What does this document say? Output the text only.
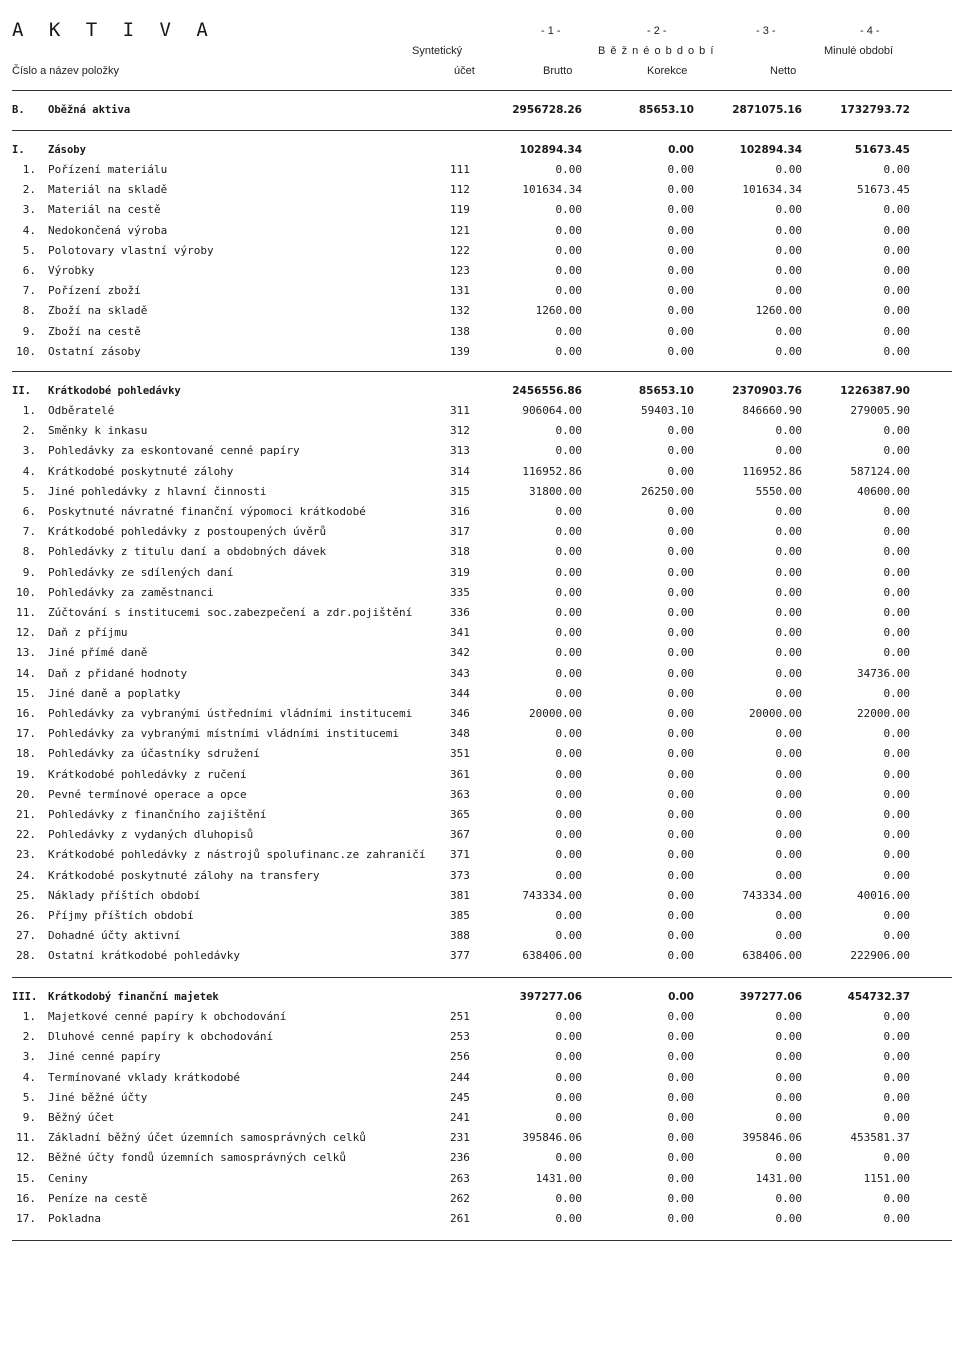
A K T I V A	- 1 -	- 2 -	- 3 -	- 4 -
Syntetický	B ě ž n é o b d o b í	Minulé období
Číslo a název položky	účet	Brutto	Korekce	Netto
B. Oběžná aktiva	2956728.26	85653.10	2871075.16	1732793.72
I. Zásoby	102894.34	0.00	102894.34	51673.45
1. Pořízení materiálu	111	0.00	0.00	0.00	0.00
2. Materiál na skladě	112	101634.34	0.00	101634.34	51673.45
3. Materiál na cestě	119	0.00	0.00	0.00	0.00
4. Nedokončená výroba	121	0.00	0.00	0.00	0.00
5. Polotovary vlastní výroby	122	0.00	0.00	0.00	0.00
6. Výrobky	123	0.00	0.00	0.00	0.00
7. Pořízení zboží	131	0.00	0.00	0.00	0.00
8. Zboží na skladě	132	1260.00	0.00	1260.00	0.00
9. Zboží na cestě	138	0.00	0.00	0.00	0.00
10. Ostatní zásoby	139	0.00	0.00	0.00	0.00
II. Krátkodobé pohledávky	2456556.86	85653.10	2370903.76	1226387.90
1. Odběratelé	311	906064.00	59403.10	846660.90	279005.90
2. Směnky k inkasu	312	0.00	0.00	0.00	0.00
3. Pohledávky za eskontované cenné papíry	313	0.00	0.00	0.00	0.00
4. Krátkodobé poskytnuté zálohy	314	116952.86	0.00	116952.86	587124.00
5. Jiné pohledávky z hlavní činnosti	315	31800.00	26250.00	5550.00	40600.00
6. Poskytnuté návratné finanční výpomoci krátkodobé	316	0.00	0.00	0.00	0.00
7. Krátkodobé pohledávky z postoupených úvěrů	317	0.00	0.00	0.00	0.00
8. Pohledávky z titulu daní a obdobných dávek	318	0.00	0.00	0.00	0.00
9. Pohledávky ze sdílených daní	319	0.00	0.00	0.00	0.00
10. Pohledávky za zaměstnanci	335	0.00	0.00	0.00	0.00
11. Zúčtování s institucemi soc.zabezpečení a zdr.pojištění	336	0.00	0.00	0.00	0.00
12. Daň z příjmu	341	0.00	0.00	0.00	0.00
13. Jiné přímé daně	342	0.00	0.00	0.00	0.00
14. Daň z přidané hodnoty	343	0.00	0.00	0.00	34736.00
15. Jiné daně a poplatky	344	0.00	0.00	0.00	0.00
16. Pohledávky za vybranými ústředními vládními institucemi	346	20000.00	0.00	20000.00	22000.00
17. Pohledávky za vybranými místními vládními institucemi	348	0.00	0.00	0.00	0.00
18. Pohledávky za účastníky sdružení	351	0.00	0.00	0.00	0.00
19. Krátkodobé pohledávky z ručení	361	0.00	0.00	0.00	0.00
20. Pevné termínové operace a opce	363	0.00	0.00	0.00	0.00
21. Pohledávky z finančního zajištění	365	0.00	0.00	0.00	0.00
22. Pohledávky z vydaných dluhopisů	367	0.00	0.00	0.00	0.00
23. Krátkodobé pohledávky z nástrojů spolufinanc.ze zahraničí 371	0.00	0.00	0.00	0.00
24. Krátkodobé poskytnuté zálohy na transfery	373	0.00	0.00	0.00	0.00
25. Náklady příštích období	381	743334.00	0.00	743334.00	40016.00
26. Příjmy příštích období	385	0.00	0.00	0.00	0.00
27. Dohadné účty aktivní	388	0.00	0.00	0.00	0.00
28. Ostatní krátkodobé pohledávky	377	638406.00	0.00	638406.00	222906.00
III. Krátkodobý finanční majetek	397277.06	0.00	397277.06	454732.37
1. Majetkové cenné papíry k obchodování	251	0.00	0.00	0.00	0.00
2. Dluhové cenné papíry k obchodování	253	0.00	0.00	0.00	0.00
3. Jiné cenné papíry	256	0.00	0.00	0.00	0.00
4. Termínované vklady krátkodobé	244	0.00	0.00	0.00	0.00
5. Jiné běžné účty	245	0.00	0.00	0.00	0.00
9. Běžný účet	241	0.00	0.00	0.00	0.00
11. Základní běžný účet územních samosprávných celků	231	395846.06	0.00	395846.06	453581.37
12. Běžné účty fondů územních samosprávných celků	236	0.00	0.00	0.00	0.00
15. Ceniny	263	1431.00	0.00	1431.00	1151.00
16. Peníze na cestě	262	0.00	0.00	0.00	0.00
17. Pokladna	261	0.00	0.00	0.00	0.00
